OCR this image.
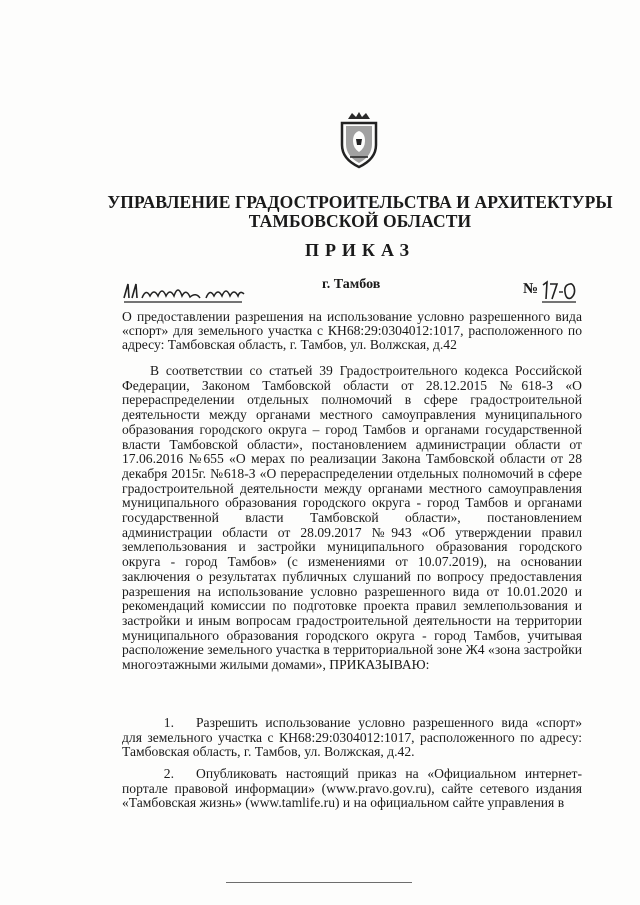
УПРАВЛЕНИЕ ГРАДОСТРОИТЕЛЬСТВА И АРХИТЕКТУРЫ
ТАМБОВСКОЙ ОБЛАСТИ
ПРИКАЗ
г. Тамбов	№
О предоставлении разрешения на использование условно разрешенного вида «спорт» для земельного участка с КН68:29:0304012:1017, расположенного по адресу: Тамбовская область, г. Тамбов, ул. Волжская, д.42

В соответствии со статьей 39 Градостроительного кодекса Российской Федерации, Законом Тамбовской области от 28.12.2015 №618-З «О перераспределении отдельных полномочий в сфере градостроительной деятельности между органами местного самоуправления муниципального образования городского округа – город Тамбов и органами государственной власти Тамбовской области», постановлением администрации области от 17.06.2016 №655 «О мерах по реализации Закона Тамбовской области от 28 декабря 2015г. №618-З «О перераспределении отдельных полномочий в сфере градостроительной деятельности между органами местного самоуправления муниципального образования городского округа - город Тамбов и органами государственной власти Тамбовской области», постановлением администрации области от 28.09.2017 №943 «Об утверждении правил землепользования и застройки муниципального образования городского округа - город Тамбов» (с изменениями от 10.07.2019), на основании заключения о результатах публичных слушаний по вопросу предоставления разрешения на использование условно разрешенного вида от 10.01.2020 и рекомендаций комиссии по подготовке проекта правил землепользования и застройки и иным вопросам градостроительной деятельности на территории муниципального образования городского округа - город Тамбов, учитывая расположение земельного участка в территориальной зоне Ж4 «зона застройки многоэтажными жилыми домами», ПРИКАЗЫВАЮ:

1. Разрешить использование условно разрешенного вида «спорт» для земельного участка с КН68:29:0304012:1017, расположенного по адресу: Тамбовская область, г. Тамбов, ул. Волжская, д.42.
2. Опубликовать настоящий приказ на «Официальном интернет-портале правовой информации» (www.pravo.gov.ru), сайте сетевого издания «Тамбовская жизнь» (www.tamlife.ru) и на официальном сайте управления в
